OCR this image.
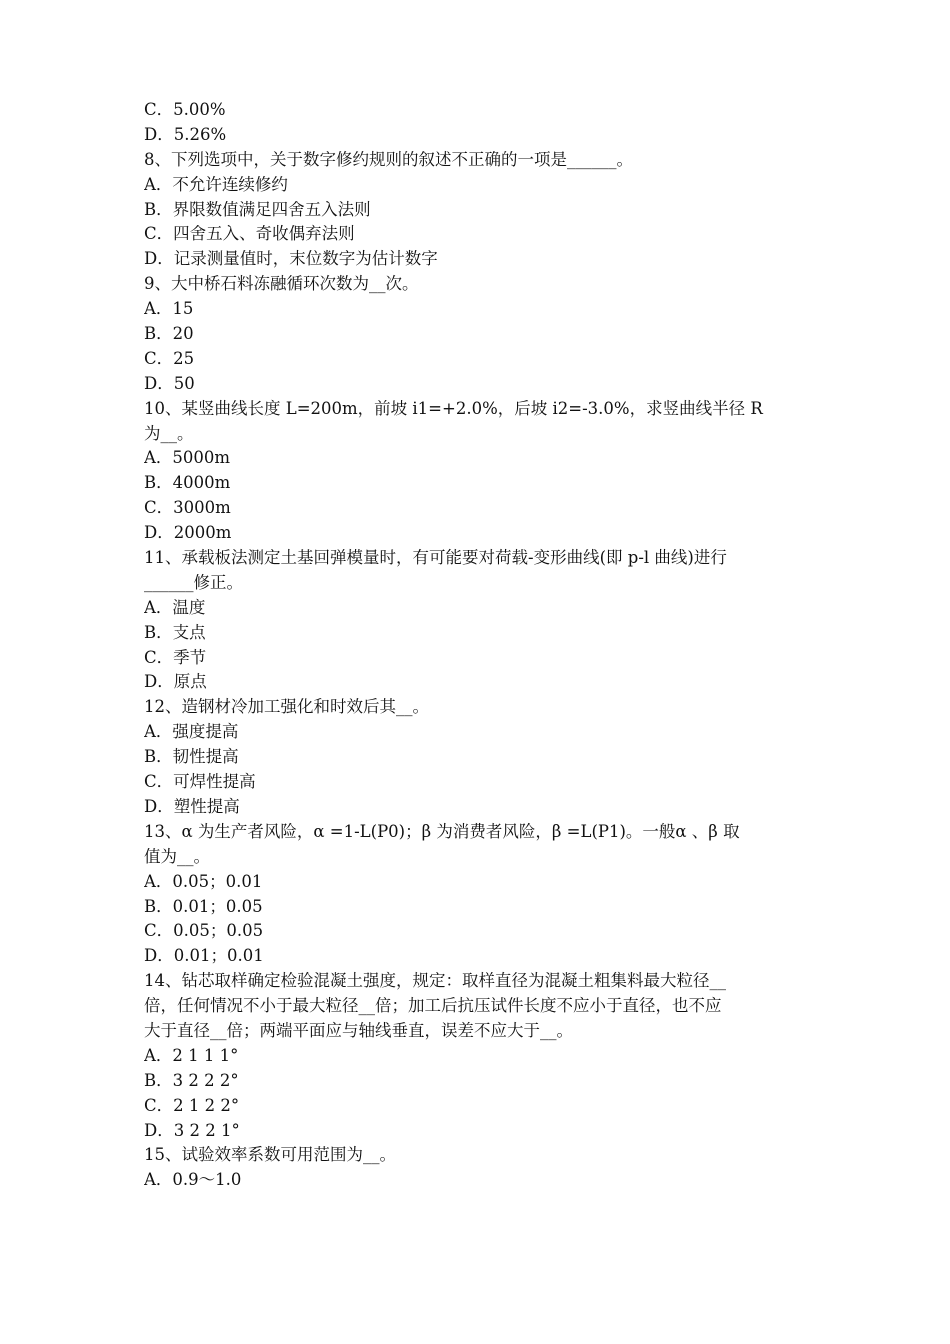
C．5.00%
D．5.26%
8、下列选项中，关于数字修约规则的叙述不正确的一项是______。
A．不允许连续修约
B．界限数值满足四舍五入法则
C．四舍五入、奇收偶弃法则
D．记录测量值时，末位数字为估计数字
9、大中桥石料冻融循环次数为__次。
A．15
B．20
C．25
D．50
10、某竖曲线长度 L=200m，前坡 i1=+2.0%，后坡 i2=-3.0%，求竖曲线半径 R
为__。
A．5000m
B．4000m
C．3000m
D．2000m
11、承载板法测定土基回弹模量时，有可能要对荷载-变形曲线(即 p-l 曲线)进行
______修正。
A．温度
B．支点
C．季节
D．原点
12、造钢材冷加工强化和时效后其__。
A．强度提高
B．韧性提高
C．可焊性提高
D．塑性提高
13、α 为生产者风险，α =1-L(P0)；β 为消费者风险，β =L(P1)。一般α 、β 取
值为__。
A．0.05；0.01
B．0.01；0.05
C．0.05；0.05
D．0.01；0.01
14、钻芯取样确定检验混凝土强度，规定：取样直径为混凝土粗集料最大粒径__
倍，任何情况不小于最大粒径__倍；加工后抗压试件长度不应小于直径，也不应
大于直径__倍；两端平面应与轴线垂直，误差不应大于__。
A．2 1 1 1°
B．3 2 2 2°
C．2 1 2 2°
D．3 2 2 1°
15、试验效率系数可用范围为__。
A．0.9～1.0
